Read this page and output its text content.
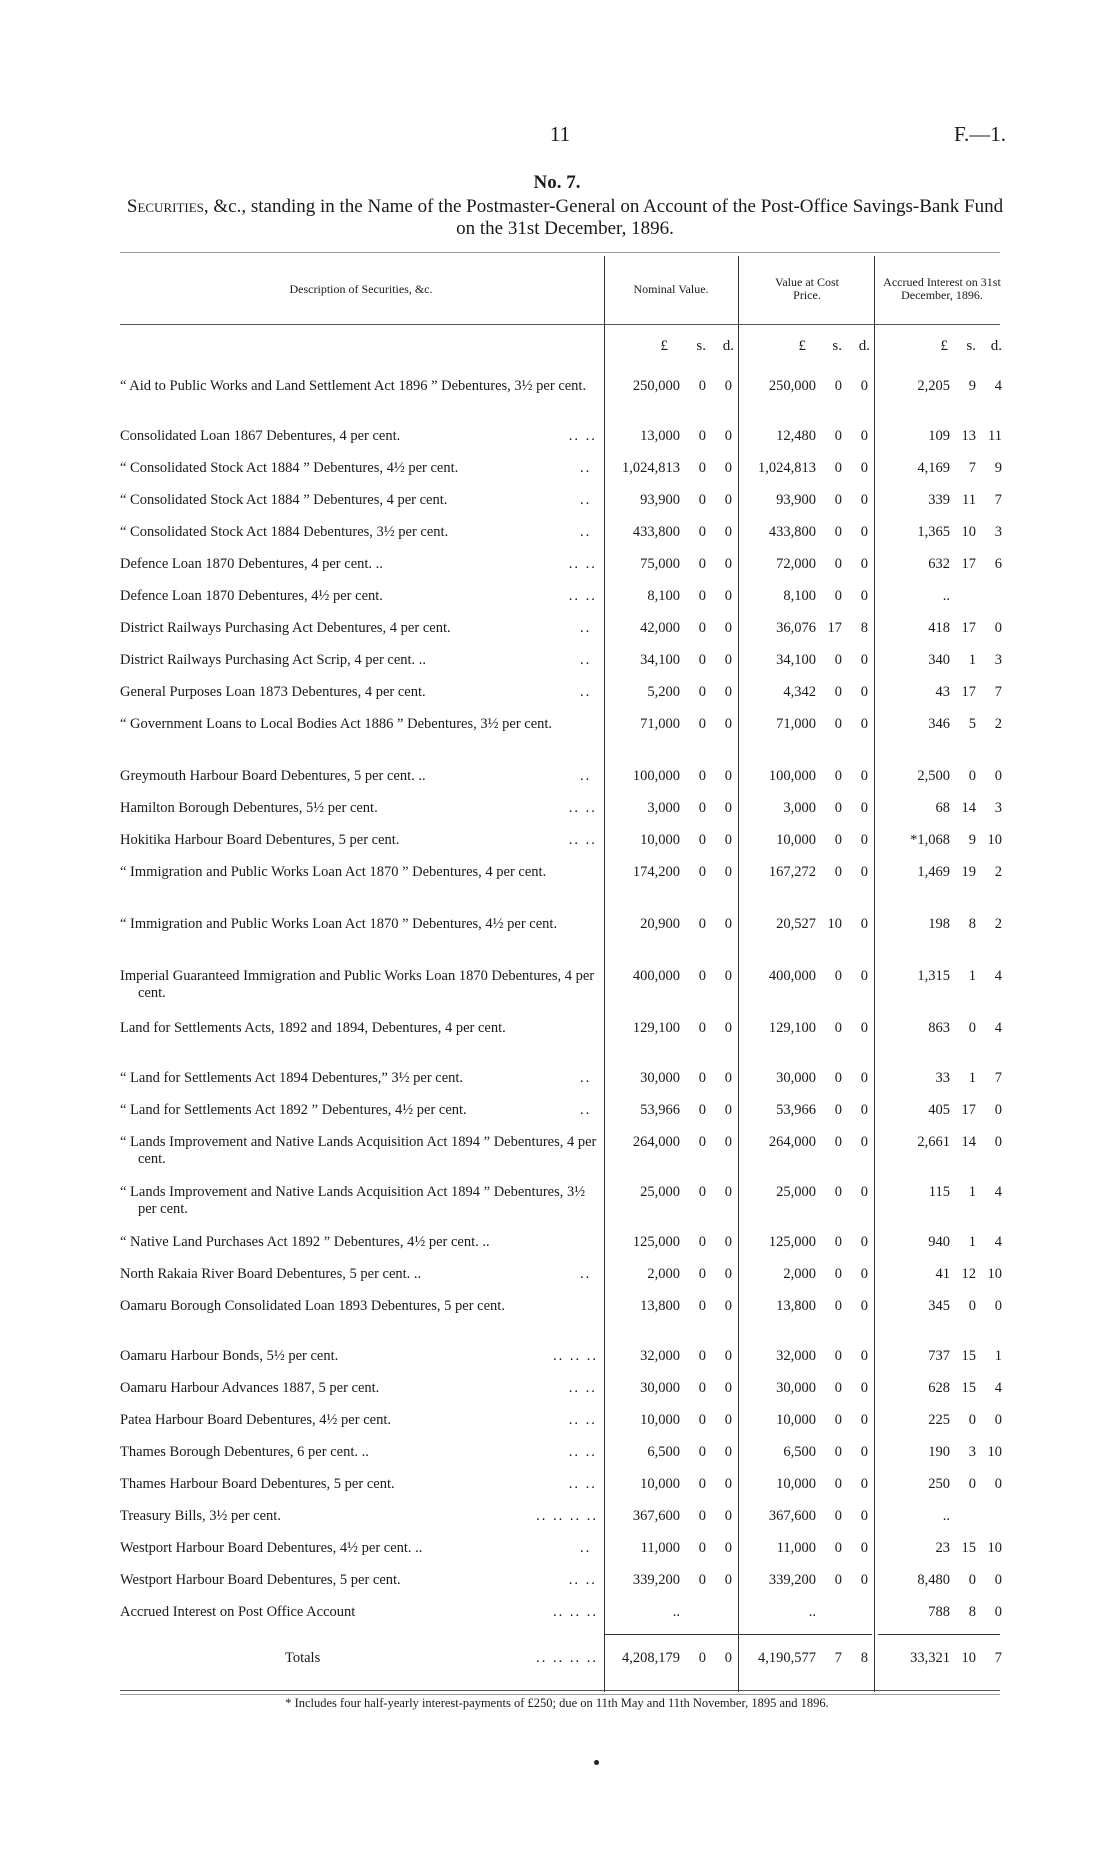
11	F.—1.
No. 7.
Securities, &c., standing in the Name of the Postmaster-General on Account of the Post-Office Savings-Bank Fund on the 31st December, 1896.
Description of Securities, &c.	Nominal Value.	Value at Cost Price.
Accrued Interest on 31st December, 1896.
£	s.	d.	£	s.	d.	£	s. d.
“ Aid to Public Works and Land Settlement Act 1896 ” Debentures, 3½ per cent.	250,000	0	0	250,000	0	0	2,205	9	4
Consolidated Loan 1867 Debentures, 4 per cent.	.. ..	13,000	0	0	12,480	0	0	109 13 11
“ Consolidated Stock Act 1884 ” Debentures, 4½ per cent.	..	1,024,813	0	0	1,024,813	0	0	4,169	7	9
“ Consolidated Stock Act 1884 ” Debentures, 4 per cent.	..	93,900	0	0	93,900	0	0	339 11	7
“ Consolidated Stock Act 1884 Debentures, 3½ per cent.	..	433,800	0	0	433,800	0	0	1,365 10	3
Defence Loan 1870 Debentures, 4 per cent. ..	.. ..	75,000	0	0	72,000	0	0	632 17	6
Defence Loan 1870 Debentures, 4½ per cent.	.. ..	8,100	0	0	8,100	0	0	..
District Railways Purchasing Act Debentures, 4 per cent.	..	42,000	0	0	36,076 17	8	418 17	0
District Railways Purchasing Act Scrip, 4 per cent. ..	..	34,100	0	0	34,100	0	0	340	1	3
General Purposes Loan 1873 Debentures, 4 per cent.	..	5,200	0	0	4,342	0	0	43 17	7
“ Government Loans to Local Bodies Act 1886 ” Debentures, 3½ per cent.	71,000	0	0	71,000	0	0	346	5	2
Greymouth Harbour Board Debentures, 5 per cent. ..	..	100,000	0	0	100,000	0	0	2,500	0	0
Hamilton Borough Debentures, 5½ per cent.	.. ..	3,000	0	0	3,000	0	0	68 14	3
Hokitika Harbour Board Debentures, 5 per cent.	.. ..	10,000	0	0	10,000	0	0	*1,068	9 10
“ Immigration and Public Works Loan Act 1870 ” Debentures, 4 per cent.	174,200	0	0	167,272	0	0	1,469 19	2
“ Immigration and Public Works Loan Act 1870 ” Debentures, 4½ per cent.	20,900	0	0	20,527 10	0	198	8	2
Imperial Guaranteed Immigration and Public Works Loan 1870 Debentures, 4 per cent.
400,000	0	0	400,000	0	0	1,315	1	4
Land for Settlements Acts, 1892 and 1894, Debentures, 4 per cent.	129,100	0	0	129,100	0	0	863	0	4
“ Land for Settlements Act 1894 Debentures,” 3½ per cent.	..	30,000	0	0	30,000	0	0	33	1	7
“ Land for Settlements Act 1892 ” Debentures, 4½ per cent.	..	53,966	0	0	53,966	0	0	405 17	0
“ Lands Improvement and Native Lands Acquisition Act 1894 ” Debentures, 4 per cent.
264,000	0	0	264,000	0	0	2,661 14	0
“ Lands Improvement and Native Lands Acquisition Act 1894 ” Debentures, 3½ per cent.
25,000	0	0	25,000	0	0	115	1	4
“ Native Land Purchases Act 1892 ” Debentures, 4½ per cent. ..	125,000	0	0	125,000	0	0	940	1	4
North Rakaia River Board Debentures, 5 per cent. ..	..	2,000	0	0	2,000	0	0	41 12 10
Oamaru Borough Consolidated Loan 1893 Debentures, 5 per cent.	13,800	0	0	13,800	0	0	345	0	0
Oamaru Harbour Bonds, 5½ per cent.	.. .. ..	32,000	0	0	32,000	0	0	737 15	1
Oamaru Harbour Advances 1887, 5 per cent.	.. ..	30,000	0	0	30,000	0	0	628 15	4
Patea Harbour Board Debentures, 4½ per cent.	.. ..	10,000	0	0	10,000	0	0	225	0	0
Thames Borough Debentures, 6 per cent. ..	.. ..	6,500	0	0	6,500	0	0	190	3 10
Thames Harbour Board Debentures, 5 per cent.	.. ..	10,000	0	0	10,000	0	0	250	0	0
Treasury Bills, 3½ per cent.	.. .. .. ..	367,600	0	0	367,600	0	0	..
Westport Harbour Board Debentures, 4½ per cent. ..	..	11,000	0	0	11,000	0	0	23 15 10
Westport Harbour Board Debentures, 5 per cent.	.. ..	339,200	0	0	339,200	0	0	8,480	0	0
Accrued Interest on Post Office Account	.. .. ..	..	..	788	8	0
Totals	.. .. .. ..	4,208,179	0	0	4,190,577	7	8	33,321 10	7
* Includes four half-yearly interest-payments of £250; due on 11th May and 11th November, 1895 and 1896.
